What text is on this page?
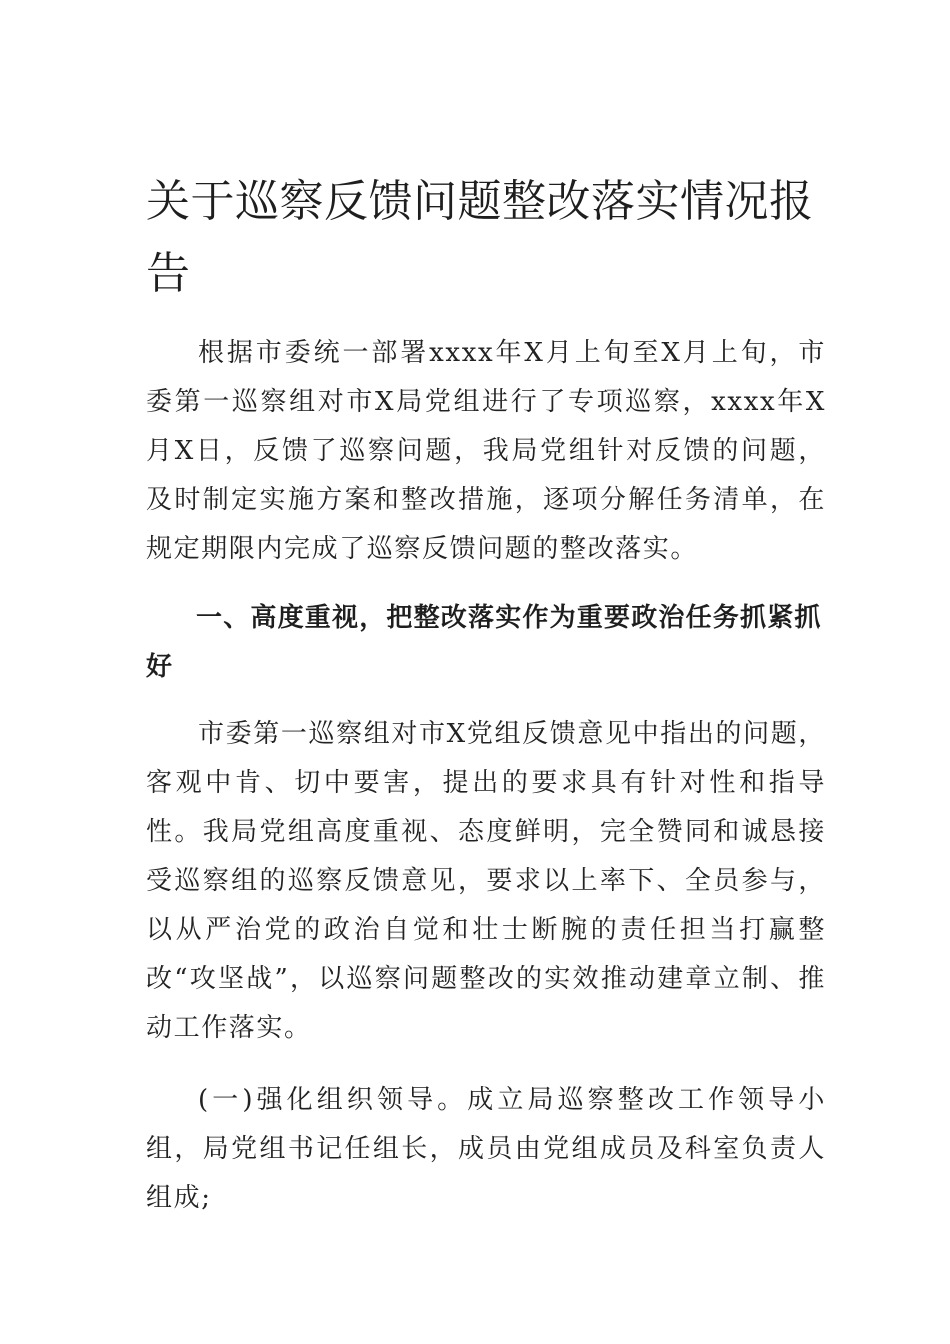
关于巡察反馈问题整改落实情况报告

根据市委统一部署xxxx年X月上旬至X月上旬，市委第一巡察组对市X局党组进行了专项巡察，xxxx年X月X日，反馈了巡察问题，我局党组针对反馈的问题，及时制定实施方案和整改措施，逐项分解任务清单，在规定期限内完成了巡察反馈问题的整改落实。

一、高度重视，把整改落实作为重要政治任务抓紧抓好

市委第一巡察组对市X党组反馈意见中指出的问题，客观中肯、切中要害，提出的要求具有针对性和指导性。我局党组高度重视、态度鲜明，完全赞同和诚恳接受巡察组的巡察反馈意见，要求以上率下、全员参与，以从严治党的政治自觉和壮士断腕的责任担当打赢整改“攻坚战”，以巡察问题整改的实效推动建章立制、推动工作落实。

(一)强化组织领导。成立局巡察整改工作领导小组，局党组书记任组长，成员由党组成员及科室负责人组成;
